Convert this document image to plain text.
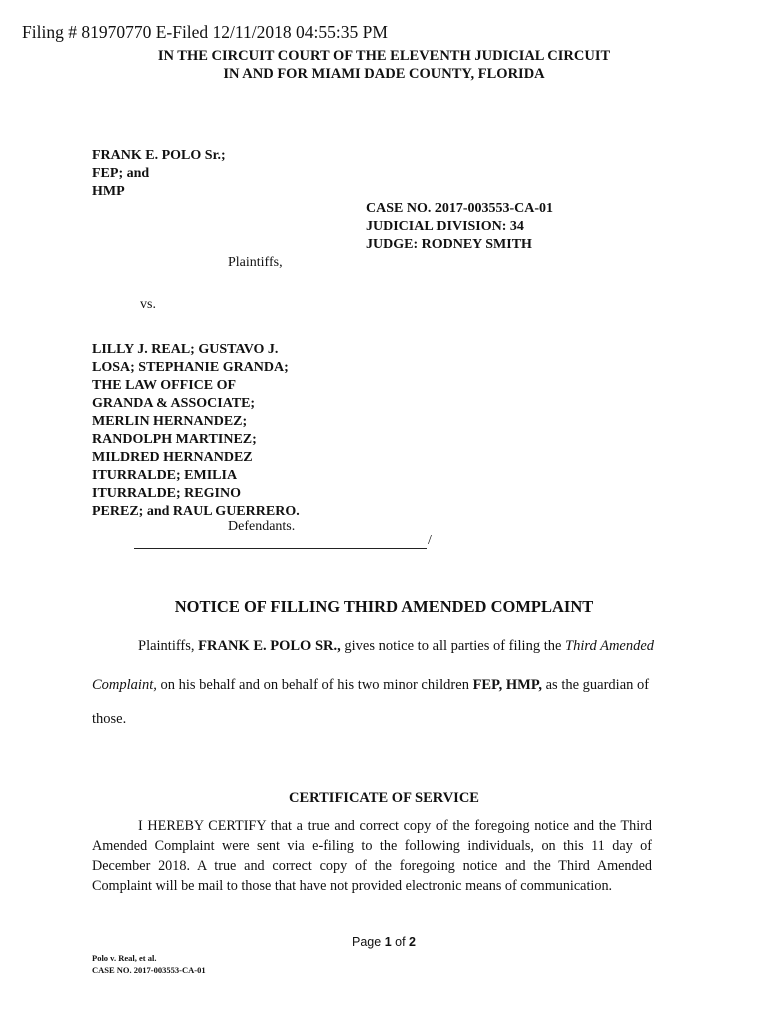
Filing # 81970770 E-Filed 12/11/2018 04:55:35 PM
IN THE CIRCUIT COURT OF THE ELEVENTH JUDICIAL CIRCUIT
IN AND FOR MIAMI DADE COUNTY, FLORIDA
FRANK E. POLO Sr.;
FEP; and
HMP
CASE NO. 2017-003553-CA-01
JUDICIAL DIVISION: 34
JUDGE: RODNEY SMITH
Plaintiffs,
vs.
LILLY J. REAL; GUSTAVO J.
LOSA; STEPHANIE GRANDA;
THE LAW OFFICE OF
GRANDA & ASSOCIATE;
MERLIN HERNANDEZ;
RANDOLPH MARTINEZ;
MILDRED HERNANDEZ
ITURRALDE; EMILIA
ITURRALDE; REGINO
PEREZ; and RAUL GUERRERO.
Defendants.
/
NOTICE OF FILLING THIRD AMENDED COMPLAINT
Plaintiffs, FRANK E. POLO SR., gives notice to all parties of filing the Third Amended
Complaint, on his behalf and on behalf of his two minor children FEP, HMP, as the guardian of
those.
CERTIFICATE OF SERVICE
I HEREBY CERTIFY that a true and correct copy of the foregoing notice and the Third Amended Complaint were sent via e-filing to the following individuals, on this 11 day of December 2018. A true and correct copy of the foregoing notice and the Third Amended Complaint will be mail to those that have not provided electronic means of communication.
Page 1 of 2
Polo v. Real, et al.
CASE NO. 2017-003553-CA-01
